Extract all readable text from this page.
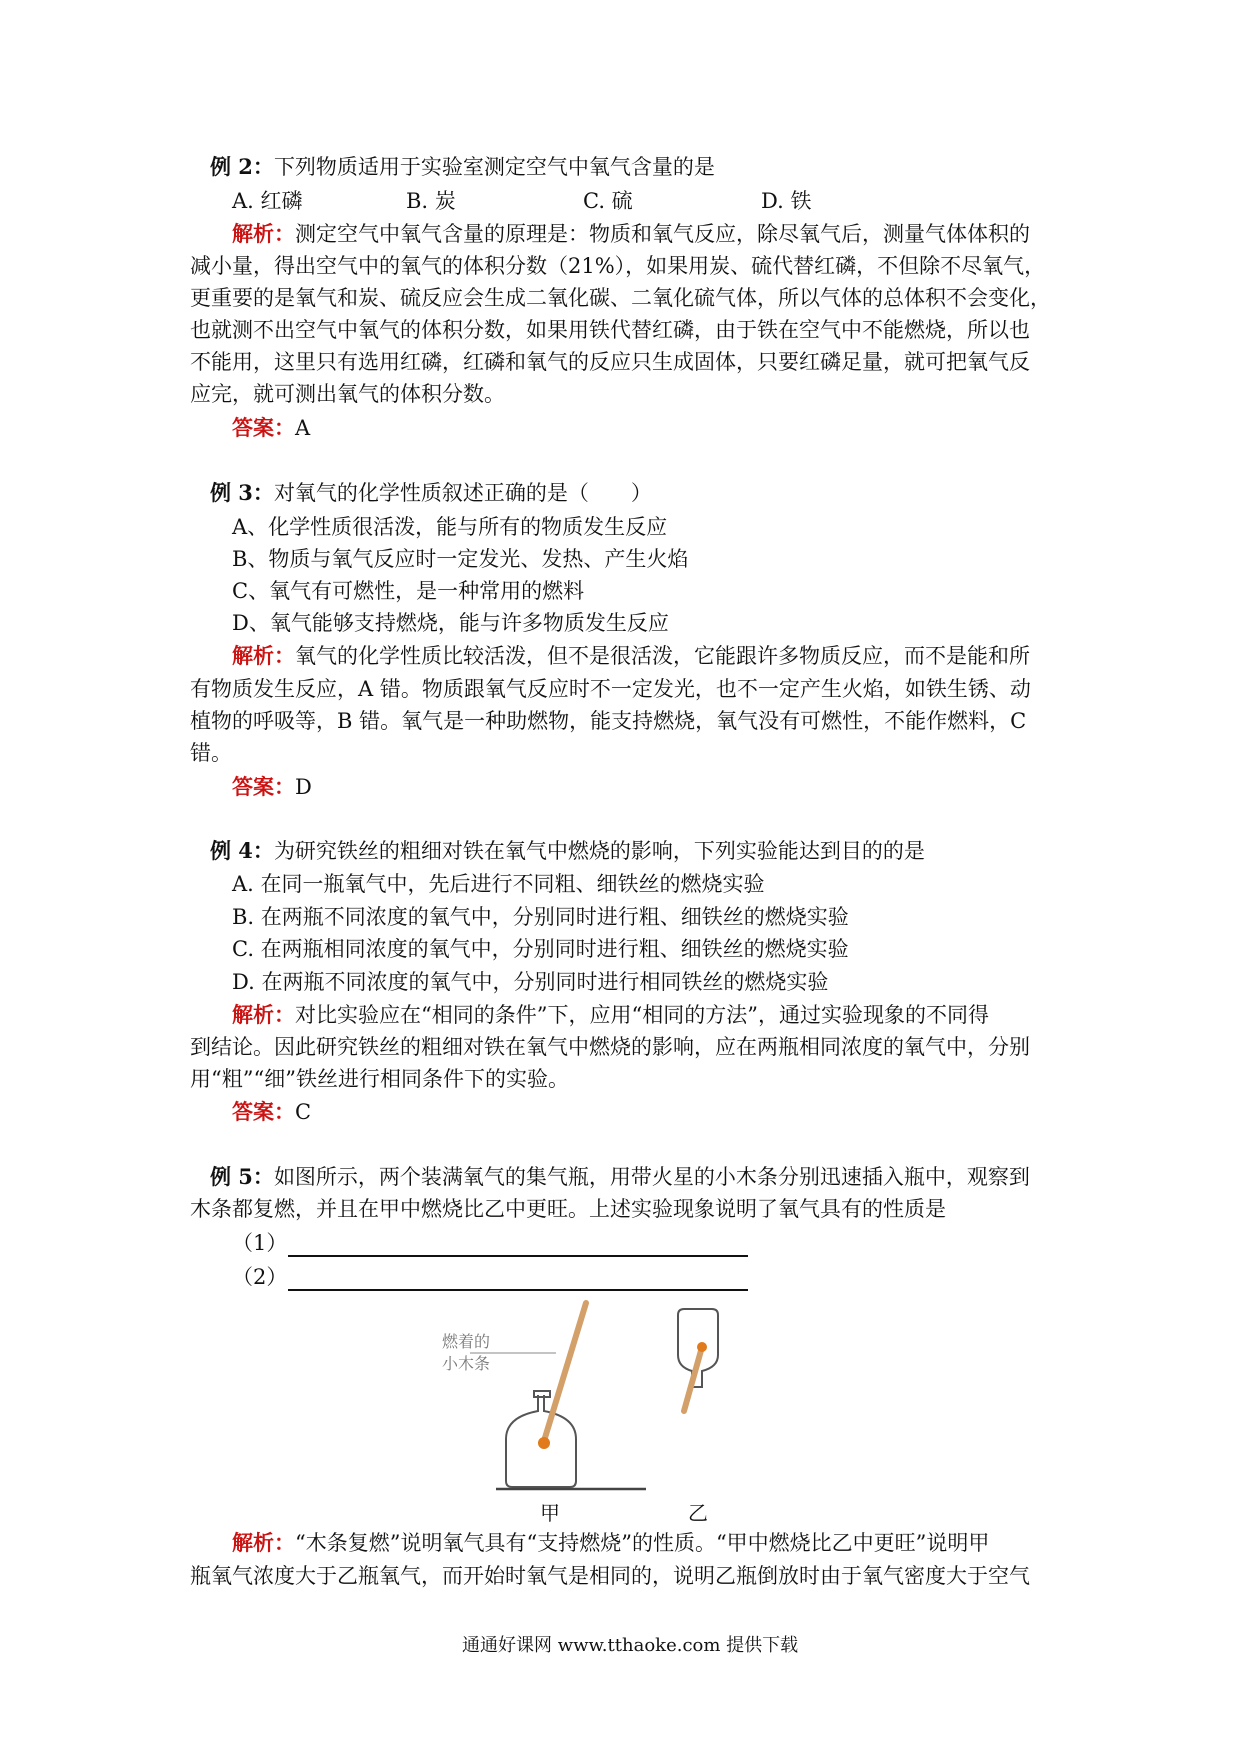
例 2：下列物质适用于实验室测定空气中氧气含量的是
A. 红磷	B. 炭	C. 硫	D. 铁
解析：测定空气中氧气含量的原理是：物质和氧气反应，除尽氧气后，测量气体体积的
减小量，得出空气中的氧气的体积分数（21%），如果用炭、硫代替红磷，不但除不尽氧气，
更重要的是氧气和炭、硫反应会生成二氧化碳、二氧化硫气体，所以气体的总体积不会变化，
也就测不出空气中氧气的体积分数，如果用铁代替红磷，由于铁在空气中不能燃烧，所以也
不能用，这里只有选用红磷，红磷和氧气的反应只生成固体，只要红磷足量，就可把氧气反
应完，就可测出氧气的体积分数。
答案：A
例 3：对氧气的化学性质叙述正确的是（　　）
A、化学性质很活泼，能与所有的物质发生反应
B、物质与氧气反应时一定发光、发热、产生火焰
C、氧气有可燃性，是一种常用的燃料
D、氧气能够支持燃烧，能与许多物质发生反应
解析：氧气的化学性质比较活泼，但不是很活泼，它能跟许多物质反应，而不是能和所
有物质发生反应，A 错。物质跟氧气反应时不一定发光，也不一定产生火焰，如铁生锈、动
植物的呼吸等，B 错。氧气是一种助燃物，能支持燃烧，氧气没有可燃性，不能作燃料，C
错。
答案：D
例 4：为研究铁丝的粗细对铁在氧气中燃烧的影响，下列实验能达到目的的是
A. 在同一瓶氧气中，先后进行不同粗、细铁丝的燃烧实验
B. 在两瓶不同浓度的氧气中，分别同时进行粗、细铁丝的燃烧实验
C. 在两瓶相同浓度的氧气中，分别同时进行粗、细铁丝的燃烧实验
D. 在两瓶不同浓度的氧气中，分别同时进行相同铁丝的燃烧实验
解析：对比实验应在“相同的条件”下，应用“相同的方法”，通过实验现象的不同得
到结论。因此研究铁丝的粗细对铁在氧气中燃烧的影响，应在两瓶相同浓度的氧气中，分别
用“粗”“细”铁丝进行相同条件下的实验。
答案：C
例 5：如图所示，两个装满氧气的集气瓶，用带火星的小木条分别迅速插入瓶中，观察到
木条都复燃，并且在甲中燃烧比乙中更旺。上述实验现象说明了氧气具有的性质是
（1）
（2）
燃着的
小木条
甲	乙
解析：“木条复燃”说明氧气具有“支持燃烧”的性质。“甲中燃烧比乙中更旺”说明甲
瓶氧气浓度大于乙瓶氧气，而开始时氧气是相同的，说明乙瓶倒放时由于氧气密度大于空气
通通好课网 www.tthaoke.com 提供下载
